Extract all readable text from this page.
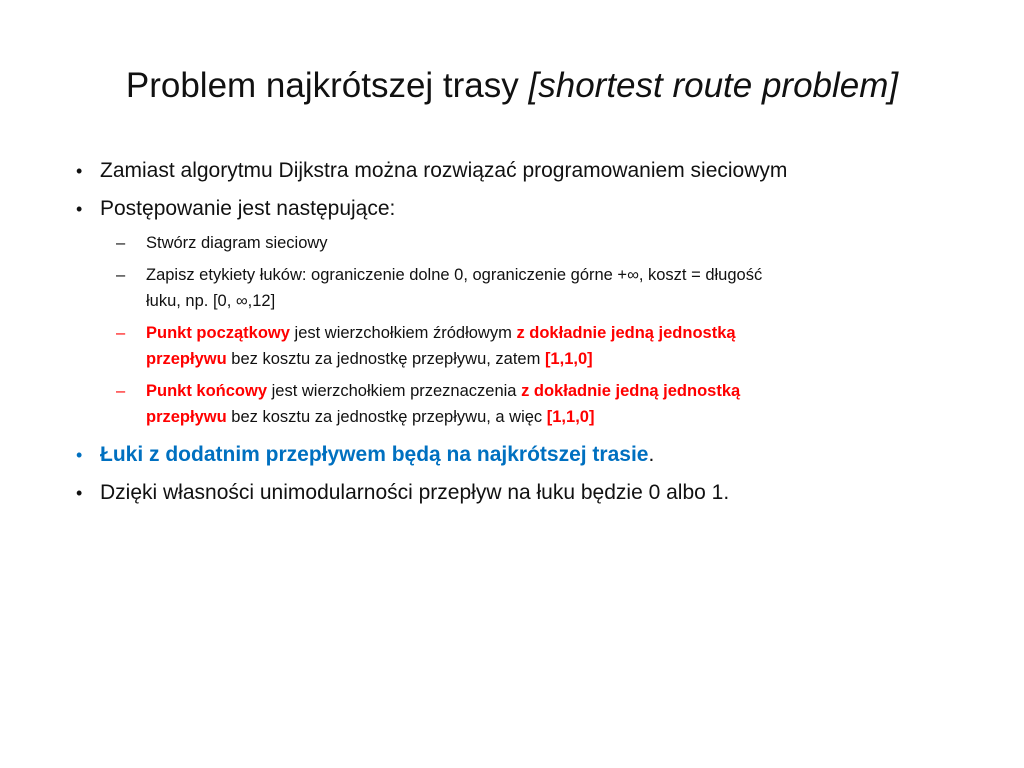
Problem najkrótszej trasy [shortest route problem]
• Zamiast algorytmu Dijkstra można rozwiązać programowaniem sieciowym
• Postępowanie jest następujące:
– Stwórz diagram sieciowy
– Zapisz etykiety łuków: ograniczenie dolne 0, ograniczenie górne +∞, koszt = długość
łuku, np. [0, ∞,12]
– Punkt początkowy jest wierzchołkiem źródłowym z dokładnie jedną jednostką
przepływu bez kosztu za jednostkę przepływu, zatem [1,1,0]
– Punkt końcowy jest wierzchołkiem przeznaczenia z dokładnie jedną jednostką
przepływu bez kosztu za jednostkę przepływu, a więc [1,1,0]
• Łuki z dodatnim przepływem będą na najkrótszej trasie.
• Dzięki własności unimodularności przepływ na łuku będzie 0 albo 1.
